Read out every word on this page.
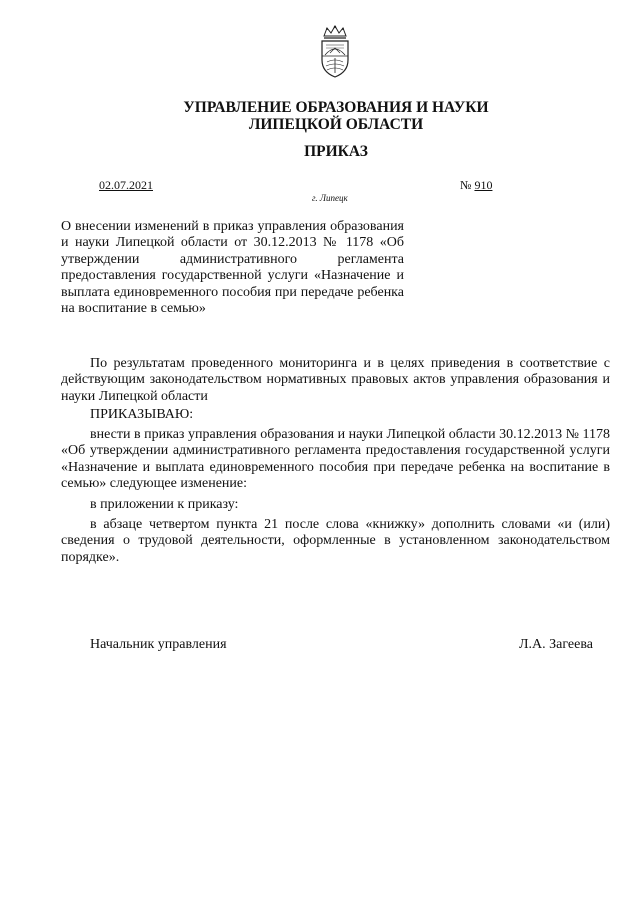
УПРАВЛЕНИЕ ОБРАЗОВАНИЯ И НАУКИ
ЛИПЕЦКОЙ ОБЛАСТИ
ПРИКАЗ
02.07.2021
г. Липецк
№ 910

О внесении изменений в приказ управления образования и науки Липецкой области от 30.12.2013 № 1178 «Об утверждении административного регламента предоставления государственной услуги «Назначение и выплата единовременного пособия при передаче ребенка на воспитание в семью»

По результатам проведенного мониторинга и в целях приведения в соответствие с действующим законодательством нормативных правовых актов управления образования и науки Липецкой области

ПРИКАЗЫВАЮ:

внести в приказ управления образования и науки Липецкой области 30.12.2013 № 1178 «Об утверждении административного регламента предоставления государственной услуги «Назначение и выплата единовременного пособия при передаче ребенка на воспитание в семью» следующее изменение:

в приложении к приказу:

в абзаце четвертом пункта 21 после слова «книжку» дополнить словами «и (или) сведения о трудовой деятельности, оформленные в установленном законодательством порядке».

Начальник управления	Л.А. Загеева
